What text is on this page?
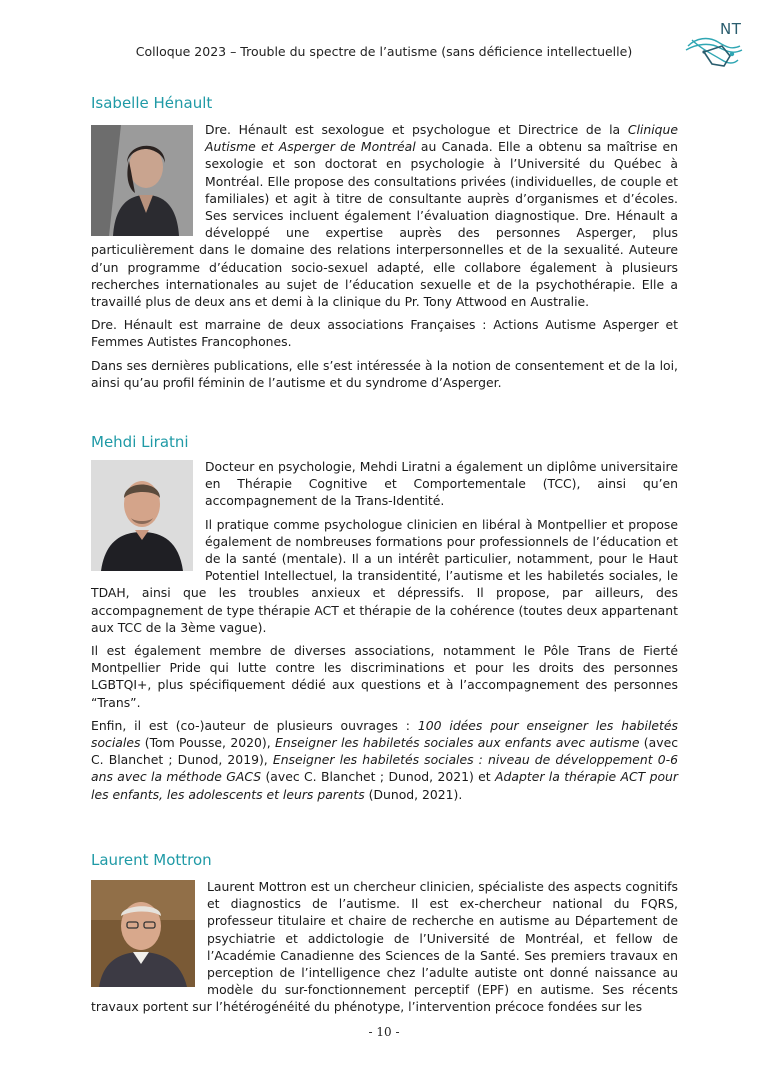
Colloque 2023 – Trouble du spectre de l’autisme (sans déficience intellectuelle)
NT
Isabelle Hénault

Dre. Hénault est sexologue et psychologue et Directrice de la Clinique Autisme et Asperger de Montréal au Canada. Elle a obtenu sa maîtrise en sexologie et son doctorat en psychologie à l’Université du Québec à Montréal. Elle propose des consultations privées (individuelles, de couple et familiales) et agit à titre de consultante auprès d’organismes et d’écoles. Ses services incluent également l’évaluation diagnostique. Dre. Hénault a développé une expertise auprès des personnes Asperger, plus particulièrement dans le domaine des relations interpersonnelles et de la sexualité. Auteure d’un programme d’éducation socio-sexuel adapté, elle collabore également à plusieurs recherches internationales au sujet de l’éducation sexuelle et de la psychothérapie. Elle a travaillé plus de deux ans et demi à la clinique du Pr. Tony Attwood en Australie.

Dre. Hénault est marraine de deux associations Françaises : Actions Autisme Asperger et Femmes Autistes Francophones.

Dans ses dernières publications, elle s’est intéressée à la notion de consentement et de la loi, ainsi qu’au profil féminin de l’autisme et du syndrome d’Asperger.

Mehdi Liratni

Docteur en psychologie, Mehdi Liratni a également un diplôme universitaire en Thérapie Cognitive et Comportementale (TCC), ainsi qu’en accompagnement de la Trans-Identité.

Il pratique comme psychologue clinicien en libéral à Montpellier et propose également de nombreuses formations pour professionnels de l’éducation et de la santé (mentale). Il a un intérêt particulier, notamment, pour le Haut Potentiel Intellectuel, la transidentité, l’autisme et les habiletés sociales, le TDAH, ainsi que les troubles anxieux et dépressifs. Il propose, par ailleurs, des accompagnement de type thérapie ACT et thérapie de la cohérence (toutes deux appartenant aux TCC de la 3ème vague).

Il est également membre de diverses associations, notamment le Pôle Trans de Fierté Montpellier Pride qui lutte contre les discriminations et pour les droits des personnes LGBTQI+, plus spécifiquement dédié aux questions et à l’accompagnement des personnes “Trans”.

Enfin, il est (co-)auteur de plusieurs ouvrages : 100 idées pour enseigner les habiletés sociales (Tom Pousse, 2020), Enseigner les habiletés sociales aux enfants avec autisme (avec C. Blanchet ; Dunod, 2019), Enseigner les habiletés sociales : niveau de développement 0-6 ans avec la méthode GACS (avec C. Blanchet ; Dunod, 2021) et Adapter la thérapie ACT pour les enfants, les adolescents et leurs parents (Dunod, 2021).

Laurent Mottron

Laurent Mottron est un chercheur clinicien, spécialiste des aspects cognitifs et diagnostics de l’autisme. Il est ex-chercheur national du FQRS, professeur titulaire et chaire de recherche en autisme au Département de psychiatrie et addictologie de l’Université de Montréal, et fellow de l’Académie Canadienne des Sciences de la Santé. Ses premiers travaux en perception de l’intelligence chez l’adulte autiste ont donné naissance au modèle du sur-fonctionnement perceptif (EPF) en autisme. Ses récents travaux portent sur l’hétérogénéité du phénotype, l’intervention précoce fondées sur les

- 10 -
